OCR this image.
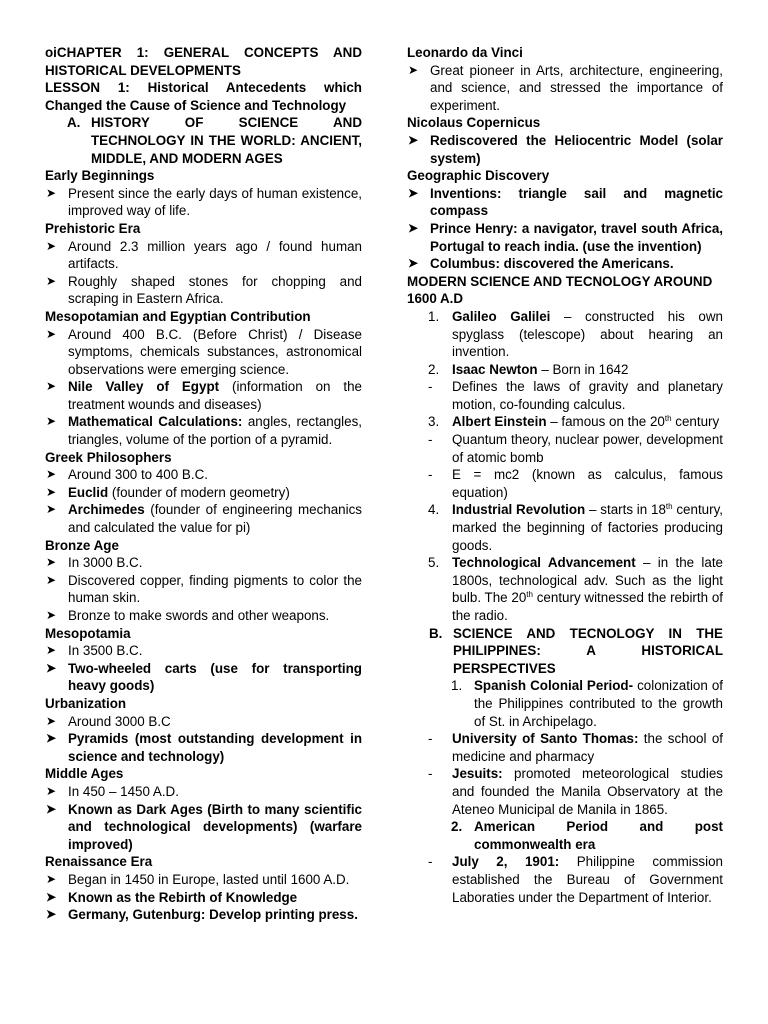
oiCHAPTER 1: GENERAL CONCEPTS AND HISTORICAL DEVELOPMENTS
LESSON 1: Historical Antecedents which Changed the Cause of Science and Technology
A. HISTORY OF SCIENCE AND TECHNOLOGY IN THE WORLD: ANCIENT, MIDDLE, AND MODERN AGES
Early Beginnings
➤ Present since the early days of human existence, improved way of life.
Prehistoric Era
➤ Around 2.3 million years ago / found human artifacts.
➤ Roughly shaped stones for chopping and scraping in Eastern Africa.
Mesopotamian and Egyptian Contribution
➤ Around 400 B.C. (Before Christ) / Disease symptoms, chemicals substances, astronomical observations were emerging science.
➤ Nile Valley of Egypt (information on the treatment wounds and diseases)
➤ Mathematical Calculations: angles, rectangles, triangles, volume of the portion of a pyramid.
Greek Philosophers
➤ Around 300 to 400 B.C.
➤ Euclid (founder of modern geometry)
➤ Archimedes (founder of engineering mechanics and calculated the value for pi)
Bronze Age
➤ In 3000 B.C.
➤ Discovered copper, finding pigments to color the human skin.
➤ Bronze to make swords and other weapons.
Mesopotamia
➤ In 3500 B.C.
➤ Two-wheeled carts (use for transporting heavy goods)
Urbanization
➤ Around 3000 B.C
➤ Pyramids (most outstanding development in science and technology)
Middle Ages
➤ In 450 – 1450 A.D.
➤ Known as Dark Ages (Birth to many scientific and technological developments) (warfare improved)
Renaissance Era
➤ Began in 1450 in Europe, lasted until 1600 A.D.
➤ Known as the Rebirth of Knowledge
➤ Germany, Gutenburg: Develop printing press.
Leonardo da Vinci
➤ Great pioneer in Arts, architecture, engineering, and science, and stressed the importance of experiment.
Nicolaus Copernicus
➤ Rediscovered the Heliocentric Model (solar system)
Geographic Discovery
➤ Inventions: triangle sail and magnetic compass
➤ Prince Henry: a navigator, travel south Africa, Portugal to reach india. (use the invention)
➤ Columbus: discovered the Americans.
MODERN SCIENCE AND TECNOLOGY AROUND 1600 A.D
1. Galileo Galilei – constructed his own spyglass (telescope) about hearing an invention.
2. Isaac Newton – Born in 1642
- Defines the laws of gravity and planetary motion, co-founding calculus.
3. Albert Einstein – famous on the 20th century
- Quantum theory, nuclear power, development of atomic bomb
- E = mc2 (known as calculus, famous equation)
4. Industrial Revolution – starts in 18th century, marked the beginning of factories producing goods.
5. Technological Advancement – in the late 1800s, technological adv. Such as the light bulb. The 20th century witnessed the rebirth of the radio.
B. SCIENCE AND TECNOLOGY IN THE PHILIPPINES: A HISTORICAL PERSPECTIVES
1. Spanish Colonial Period- colonization of the Philippines contributed to the growth of St. in Archipelago.
- University of Santo Thomas: the school of medicine and pharmacy
- Jesuits: promoted meteorological studies and founded the Manila Observatory at the Ateneo Municipal de Manila in 1865.
2. American Period and post commonwealth era
- July 2, 1901: Philippine commission established the Bureau of Government Laboraties under the Department of Interior.
